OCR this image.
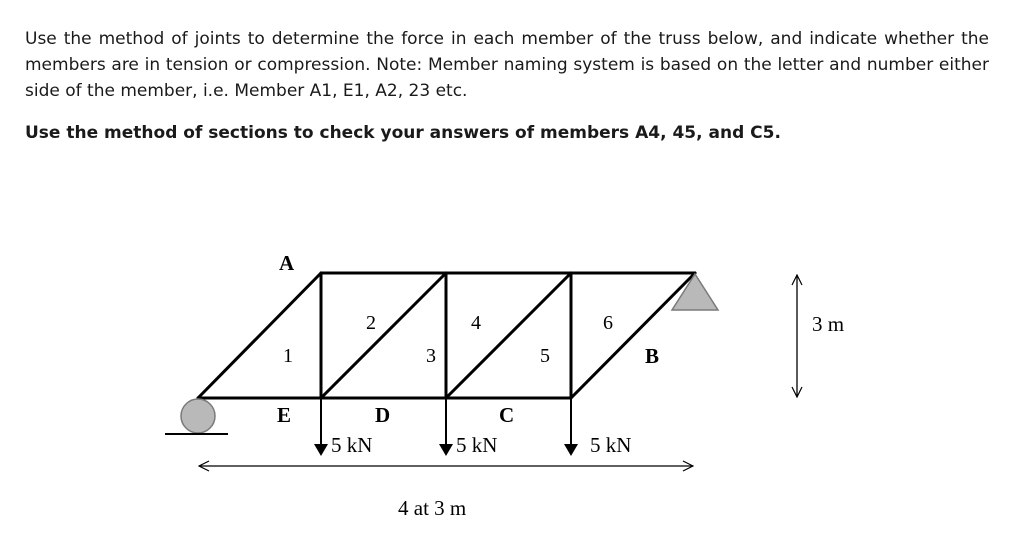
Use the method of joints to determine the force in each member of the truss below, and indicate whether the members are in tension or compression. Note: Member naming system is based on the letter and number either side of the member, i.e. Member A1, E1, A2, 23 etc.

Use the method of sections to check your answers of members A4, 45, and C5.

A
B
C
D
E
1
2
3
4
5
6
5 kN	5 kN	5 kN
4 at 3 m
3 m
